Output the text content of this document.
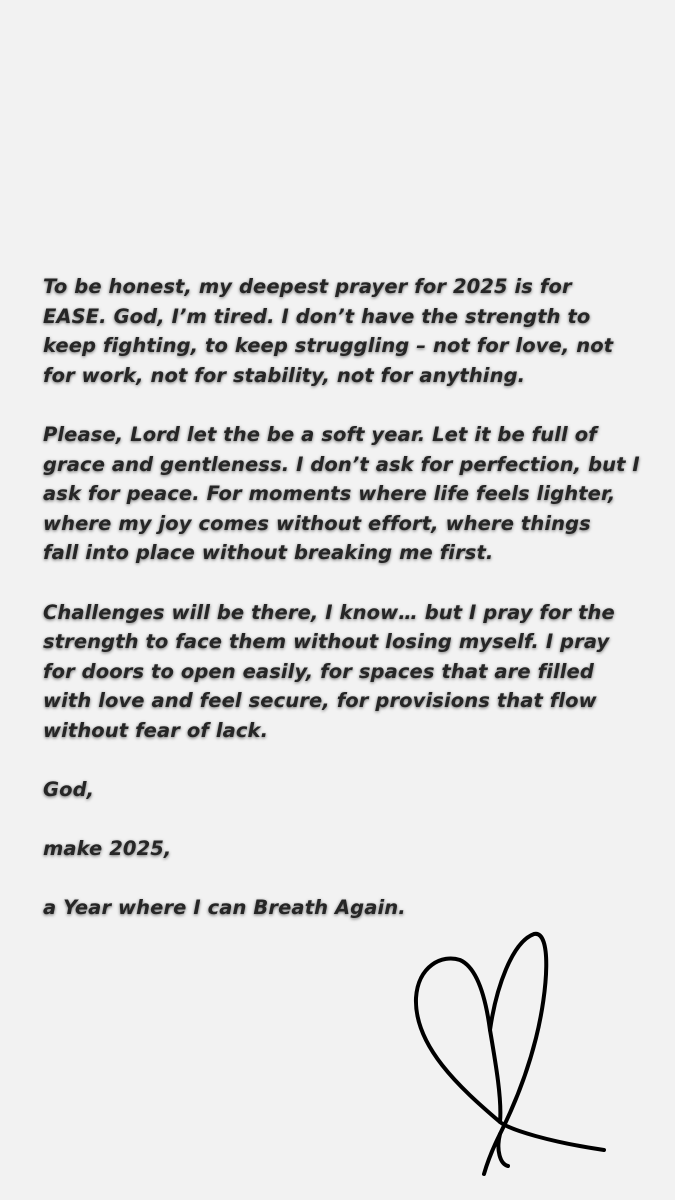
To be honest, my deepest prayer for 2025 is for
EASE. God, I’m tired. I don’t have the strength to
keep fighting, to keep struggling – not for love, not
for work, not for stability, not for anything.

Please, Lord let the be a soft year. Let it be full of
grace and gentleness. I don’t ask for perfection, but I
ask for peace. For moments where life feels lighter,
where my joy comes without effort, where things
fall into place without breaking me first.

Challenges will be there, I know… but I pray for the
strength to face them without losing myself. I pray
for doors to open easily, for spaces that are filled
with love and feel secure, for provisions that flow
without fear of lack.

God,

make 2025,

a Year where I can Breath Again.
